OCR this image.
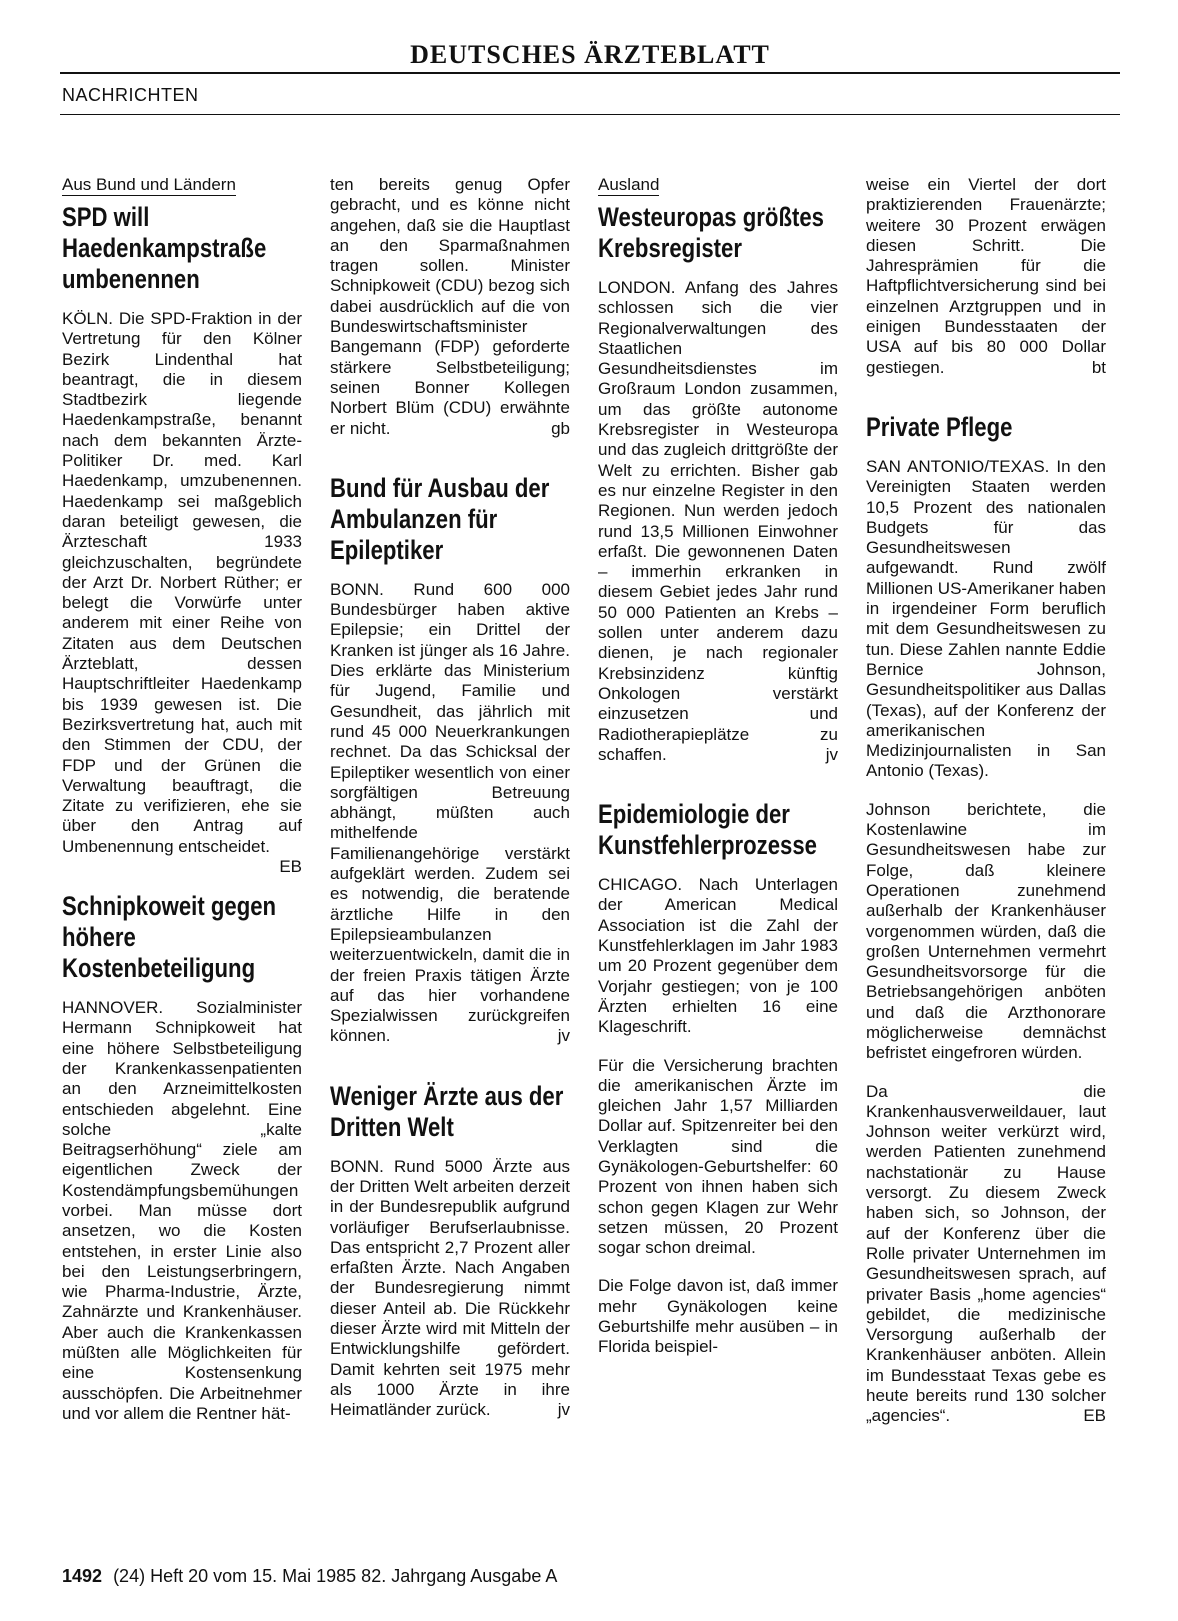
DEUTSCHES ÄRZTEBLATT
NACHRICHTEN
Aus Bund und Ländern
SPD will Haedenkampstraße umbenennen

KÖLN. Die SPD-Fraktion in der Vertretung für den Kölner Bezirk Lindenthal hat beantragt, die in diesem Stadtbezirk liegende Haedenkampstraße, benannt nach dem bekannten Ärzte-Politiker Dr. med. Karl Haedenkamp, umzubenennen. Haedenkamp sei maßgeblich daran beteiligt gewesen, die Ärzteschaft 1933 gleichzuschalten, begründete der Arzt Dr. Norbert Rüther; er belegt die Vorwürfe unter anderem mit einer Reihe von Zitaten aus dem Deutschen Ärzteblatt, dessen Hauptschriftleiter Haedenkamp bis 1939 gewesen ist. Die Bezirksvertretung hat, auch mit den Stimmen der CDU, der FDP und der Grünen die Verwaltung beauftragt, die Zitate zu verifizieren, ehe sie über den Antrag auf Umbenennung entscheidet.
EB

Schnipkoweit gegen höhere Kostenbeteiligung

HANNOVER. Sozialminister Hermann Schnipkoweit hat eine höhere Selbstbeteiligung der Krankenkassenpatienten an den Arzneimittelkosten entschieden abgelehnt. Eine solche „kalte Beitragserhöhung“ ziele am eigentlichen Zweck der Kostendämpfungsbemühungen vorbei. Man müsse dort ansetzen, wo die Kosten entstehen, in erster Linie also bei den Leistungserbringern, wie Pharma-Industrie, Ärzte, Zahnärzte und Krankenhäuser. Aber auch die Krankenkassen müßten alle Möglichkeiten für eine Kostensenkung ausschöpfen. Die Arbeitnehmer und vor allem die Rentner hät-

ten bereits genug Opfer gebracht, und es könne nicht angehen, daß sie die Hauptlast an den Sparmaßnahmen tragen sollen. Minister Schnipkoweit (CDU) bezog sich dabei ausdrücklich auf die von Bundeswirtschaftsminister Bangemann (FDP) geforderte stärkere Selbstbeteiligung; seinen Bonner Kollegen Norbert Blüm (CDU) erwähnte er nicht.	gb

Bund für Ausbau der Ambulanzen für Epileptiker

BONN. Rund 600 000 Bundesbürger haben aktive Epilepsie; ein Drittel der Kranken ist jünger als 16 Jahre. Dies erklärte das Ministerium für Jugend, Familie und Gesundheit, das jährlich mit rund 45 000 Neuerkrankungen rechnet. Da das Schicksal der Epileptiker wesentlich von einer sorgfältigen Betreuung abhängt, müßten auch mithelfende Familienangehörige verstärkt aufgeklärt werden. Zudem sei es notwendig, die beratende ärztliche Hilfe in den Epilepsieambulanzen weiterzuentwickeln, damit die in der freien Praxis tätigen Ärzte auf das hier vorhandene Spezialwissen zurückgreifen können.	jv

Weniger Ärzte aus der Dritten Welt

BONN. Rund 5000 Ärzte aus der Dritten Welt arbeiten derzeit in der Bundesrepublik aufgrund vorläufiger Berufserlaubnisse. Das entspricht 2,7 Prozent aller erfaßten Ärzte. Nach Angaben der Bundesregierung nimmt dieser Anteil ab. Die Rückkehr dieser Ärzte wird mit Mitteln der Entwicklungshilfe gefördert. Damit kehrten seit 1975 mehr als 1000 Ärzte in ihre Heimatländer zurück.	jv

Ausland
Westeuropas größtes Krebsregister

LONDON. Anfang des Jahres schlossen sich die vier Regionalverwaltungen des Staatlichen Gesundheitsdienstes im Großraum London zusammen, um das größte autonome Krebsregister in Westeuropa und das zugleich drittgrößte der Welt zu errichten. Bisher gab es nur einzelne Register in den Regionen. Nun werden jedoch rund 13,5 Millionen Einwohner erfaßt. Die gewonnenen Daten – immerhin erkranken in diesem Gebiet jedes Jahr rund 50 000 Patienten an Krebs – sollen unter anderem dazu dienen, je nach regionaler Krebsinzidenz künftig Onkologen verstärkt einzusetzen und Radiotherapieplätze zu schaffen.	jv

Epidemiologie der Kunstfehlerprozesse

CHICAGO. Nach Unterlagen der American Medical Association ist die Zahl der Kunstfehlerklagen im Jahr 1983 um 20 Prozent gegenüber dem Vorjahr gestiegen; von je 100 Ärzten erhielten 16 eine Klageschrift.

Für die Versicherung brachten die amerikanischen Ärzte im gleichen Jahr 1,57 Milliarden Dollar auf. Spitzenreiter bei den Verklagten sind die Gynäkologen-Geburtshelfer: 60 Prozent von ihnen haben sich schon gegen Klagen zur Wehr setzen müssen, 20 Prozent sogar schon dreimal.

Die Folge davon ist, daß immer mehr Gynäkologen keine Geburtshilfe mehr ausüben – in Florida beispiel-

weise ein Viertel der dort praktizierenden Frauenärzte; weitere 30 Prozent erwägen diesen Schritt. Die Jahresprämien für die Haftpflichtversicherung sind bei einzelnen Arztgruppen und in einigen Bundesstaaten der USA auf bis 80 000 Dollar gestiegen.	bt

Private Pflege

SAN ANTONIO/TEXAS. In den Vereinigten Staaten werden 10,5 Prozent des nationalen Budgets für das Gesundheitswesen aufgewandt. Rund zwölf Millionen US-Amerikaner haben in irgendeiner Form beruflich mit dem Gesundheitswesen zu tun. Diese Zahlen nannte Eddie Bernice Johnson, Gesundheitspolitiker aus Dallas (Texas), auf der Konferenz der amerikanischen Medizinjournalisten in San Antonio (Texas).

Johnson berichtete, die Kostenlawine im Gesundheitswesen habe zur Folge, daß kleinere Operationen zunehmend außerhalb der Krankenhäuser vorgenommen würden, daß die großen Unternehmen vermehrt Gesundheitsvorsorge für die Betriebsangehörigen anböten und daß die Arzthonorare möglicherweise demnächst befristet eingefroren würden.

Da die Krankenhausverweildauer, laut Johnson weiter verkürzt wird, werden Patienten zunehmend nachstationär zu Hause versorgt. Zu diesem Zweck haben sich, so Johnson, der auf der Konferenz über die Rolle privater Unternehmen im Gesundheitswesen sprach, auf privater Basis „home agencies“ gebildet, die medizinische Versorgung außerhalb der Krankenhäuser anböten. Allein im Bundesstaat Texas gebe es heute bereits rund 130 solcher „agencies“.	EB

1492 (24) Heft 20 vom 15. Mai 1985 82. Jahrgang Ausgabe A
